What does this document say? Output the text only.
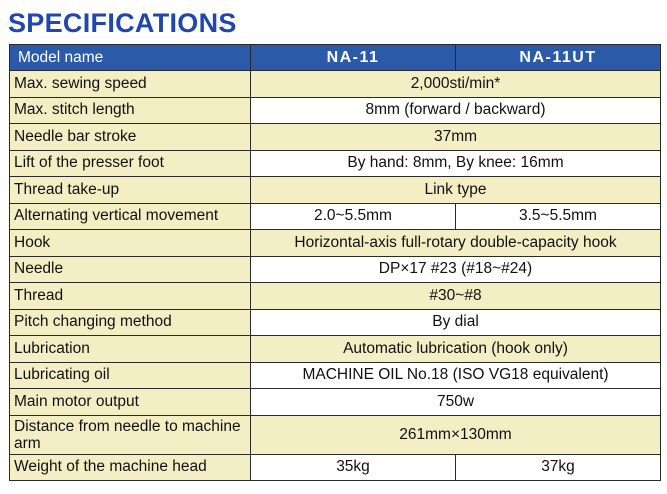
SPECIFICATIONS
Model name	NA-11	NA-11UT
Max. sewing speed	2,000sti/min*	
Max. stitch length	8mm (forward / backward)	
Needle bar stroke	37mm	
Lift of the presser foot	By hand: 8mm, By knee: 16mm	
Thread take-up	Link type	
Alternating vertical movement	2.0~5.5mm	3.5~5.5mm
Hook	Horizontal-axis full-rotary double-capacity hook	
Needle	DP×17 #23 (#18~#24)	
Thread	#30~#8	
Pitch changing method	By dial	
Lubrication	Automatic lubrication (hook only)	
Lubricating oil	MACHINE OIL No.18 (ISO VG18 equivalent)	
Main motor output	750w	
Distance from needle to machine arm	261mm×130mm	
Weight of the machine head	35kg	37kg
